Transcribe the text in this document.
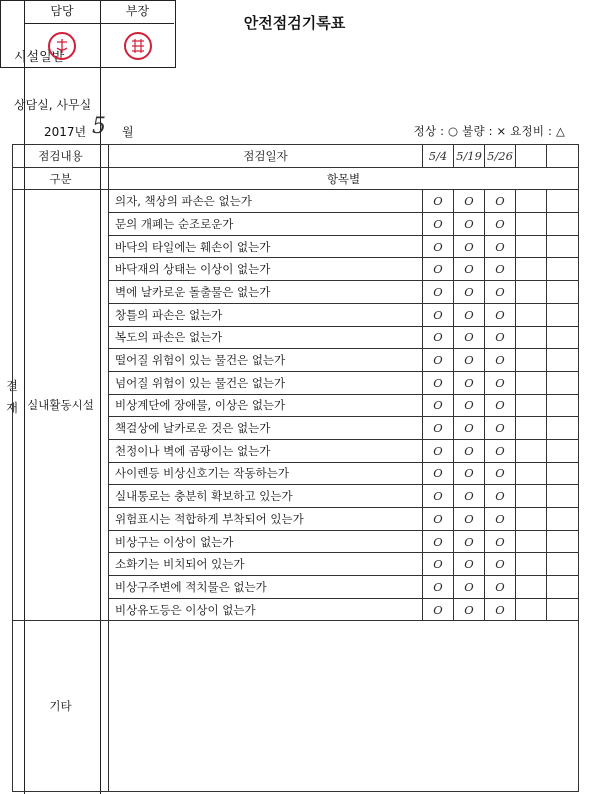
안전점검기록표
시설일반
상담실, 사무실
2017년 5 월	정상 : ○ 불량 : × 요정비 : △
결
재
담당	부장
점검내용	점검일자	5/4	5/19	5/26		
구분	항목별					
실내활동시설	의자, 책상의 파손은 없는가	O	O	O		
	문의 개폐는 순조로운가	O	O	O		
	바닥의 타일에는 훼손이 없는가	O	O	O		
	바닥재의 상태는 이상이 없는가	O	O	O		
	벽에 날카로운 돌출물은 없는가	O	O	O		
	창틀의 파손은 없는가	O	O	O		
	복도의 파손은 없는가	O	O	O		
	떨어질 위험이 있는 물건은 없는가	O	O	O		
	넘어질 위험이 있는 물건은 없는가	O	O	O		
	비상계단에 장애물, 이상은 없는가	O	O	O		
	책걸상에 날카로운 것은 없는가	O	O	O		
	천정이나 벽에 곰팡이는 없는가	O	O	O		
	사이렌등 비상신호기는 작동하는가	O	O	O		
	실내통로는 충분히 확보하고 있는가	O	O	O		
	위험표시는 적합하게 부착되어 있는가	O	O	O		
	비상구는 이상이 없는가	O	O	O		
	소화기는 비치되어 있는가	O	O	O		
	비상구주변에 적치물은 없는가	O	O	O		
	비상유도등은 이상이 없는가	O	O	O		
기타						
